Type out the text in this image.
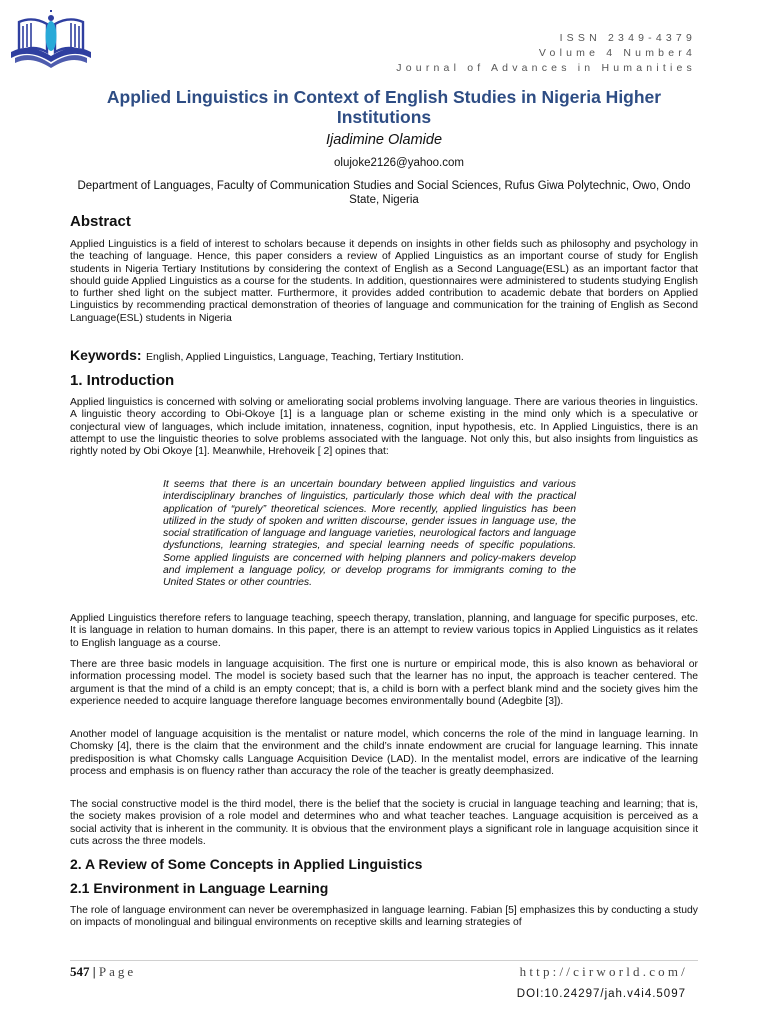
ISSN 2349-4379
Volume 4 Number4
Journal of Advances in Humanities
Applied Linguistics in Context of English Studies in Nigeria Higher Institutions
Ijadimine Olamide
olujoke2126@yahoo.com
Department of Languages, Faculty of Communication Studies and Social Sciences, Rufus Giwa Polytechnic, Owo, Ondo State, Nigeria
Abstract

Applied Linguistics is a field of interest to scholars because it depends on insights in other fields such as philosophy and psychology in the teaching of language. Hence, this paper considers a review of Applied Linguistics as an important course of study for English students in Nigeria Tertiary Institutions by considering the context of English as a Second Language(ESL) as an important factor that should guide Applied Linguistics as a course for the students. In addition, questionnaires were administered to students studying English to further shed light on the subject matter. Furthermore, it provides added contribution to academic debate that borders on Applied Linguistics by recommending practical demonstration of theories of language and communication for the training of English as Second Language(ESL) students in Nigeria

Keywords: English, Applied Linguistics, Language, Teaching, Tertiary Institution.
1. Introduction

Applied linguistics is concerned with solving or ameliorating social problems involving language. There are various theories in linguistics. A linguistic theory according to Obi-Okoye [1] is a language plan or scheme existing in the mind only which is a speculative or conjectural view of languages, which include imitation, innateness, cognition, input hypothesis, etc. In Applied Linguistics, there is an attempt to use the linguistic theories to solve problems associated with the language. Not only this, but also insights from linguistics as rightly noted by Obi Okoye [1]. Meanwhile, Hrehoveik [ 2] opines that:

It seems that there is an uncertain boundary between applied linguistics and various interdisciplinary branches of linguistics, particularly those which deal with the practical application of “purely” theoretical sciences. More recently, applied linguistics has been utilized in the study of spoken and written discourse, gender issues in language use, the social stratification of language and language varieties, neurological factors and language dysfunctions, learning strategies, and special learning needs of specific populations. Some applied linguists are concerned with helping planners and policy-makers develop and implement a language policy, or develop programs for immigrants coming to the United States or other countries.

Applied Linguistics therefore refers to language teaching, speech therapy, translation, planning, and language for specific purposes, etc. It is language in relation to human domains. In this paper, there is an attempt to review various topics in Applied Linguistics as it relates to English language as a course.

There are three basic models in language acquisition. The first one is nurture or empirical mode, this is also known as behavioral or information processing model. The model is society based such that the learner has no input, the approach is teacher centered. The argument is that the mind of a child is an empty concept; that is, a child is born with a perfect blank mind and the society gives him the experience needed to acquire language therefore language becomes environmentally bound (Adegbite [3]).

Another model of language acquisition is the mentalist or nature model, which concerns the role of the mind in language learning. In Chomsky [4], there is the claim that the environment and the child’s innate endowment are crucial for language learning. This innate predisposition is what Chomsky calls Language Acquisition Device (LAD). In the mentalist model, errors are indicative of the learning process and emphasis is on fluency rather than accuracy the role of the teacher is greatly deemphasized.

The social constructive model is the third model, there is the belief that the society is crucial in language teaching and learning; that is, the society makes provision of a role model and determines who and what teacher teaches. Language acquisition is perceived as a social activity that is inherent in the community. It is obvious that the environment plays a significant role in language acquisition since it cuts across the three models.

2. A Review of Some Concepts in Applied Linguistics
2.1 Environment in Language Learning

The role of language environment can never be overemphasized in language learning. Fabian [5] emphasizes this by conducting a study on impacts of monolingual and bilingual environments on receptive skills and learning strategies of

547 | Page	http://cirworld.com/
DOI:10.24297/jah.v4i4.5097
